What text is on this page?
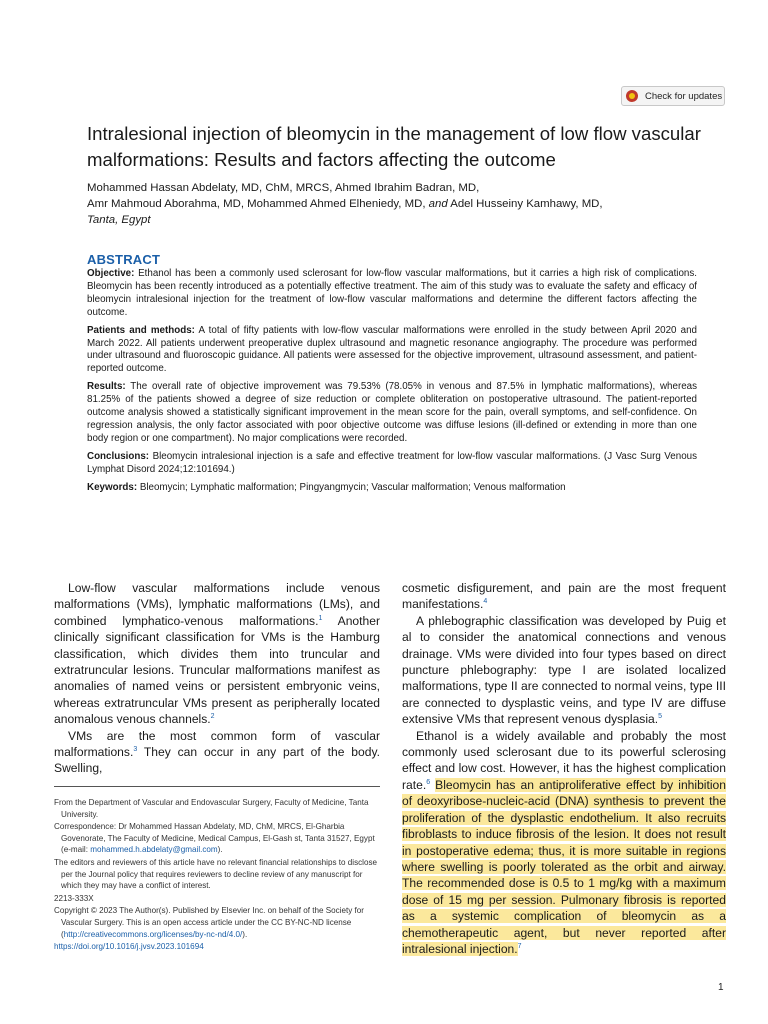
Check for updates
Intralesional injection of bleomycin in the management of low flow vascular malformations: Results and factors affecting the outcome
Mohammed Hassan Abdelaty, MD, ChM, MRCS, Ahmed Ibrahim Badran, MD,
Amr Mahmoud Aborahma, MD, Mohammed Ahmed Elheniedy, MD, and Adel Husseiny Kamhawy, MD,
Tanta, Egypt
ABSTRACT

Objective: Ethanol has been a commonly used sclerosant for low-flow vascular malformations, but it carries a high risk of complications. Bleomycin has been recently introduced as a potentially effective treatment. The aim of this study was to evaluate the safety and efficacy of bleomycin intralesional injection for the treatment of low-flow vascular malformations and determine the different factors affecting the outcome.

Patients and methods: A total of fifty patients with low-flow vascular malformations were enrolled in the study between April 2020 and March 2022. All patients underwent preoperative duplex ultrasound and magnetic resonance angiography. The procedure was performed under ultrasound and fluoroscopic guidance. All patients were assessed for the objective improvement, ultrasound assessment, and patient-reported outcome.

Results: The overall rate of objective improvement was 79.53% (78.05% in venous and 87.5% in lymphatic malformations), whereas 81.25% of the patients showed a degree of size reduction or complete obliteration on postoperative ultrasound. The patient-reported outcome analysis showed a statistically significant improvement in the mean score for the pain, overall symptoms, and self-confidence. On regression analysis, the only factor associated with poor objective outcome was diffuse lesions (ill-defined or extending in more than one body region or one compartment). No major complications were recorded.

Conclusions: Bleomycin intralesional injection is a safe and effective treatment for low-flow vascular malformations. (J Vasc Surg Venous Lymphat Disord 2024;12:101694.)

Keywords: Bleomycin; Lymphatic malformation; Pingyangmycin; Vascular malformation; Venous malformation

Low-flow vascular malformations include venous malformations (VMs), lymphatic malformations (LMs), and combined lymphatico-venous malformations.$^1$ Another clinically significant classification for VMs is the Hamburg classification, which divides them into truncular and extratruncular lesions. Truncular malformations manifest as anomalies of named veins or persistent embryonic veins, whereas extratruncular VMs present as peripherally located anomalous venous channels.$^2$

VMs are the most common form of vascular malformations.$^3$ They can occur in any part of the body. Swelling,

From the Department of Vascular and Endovascular Surgery, Faculty of Medicine, Tanta University.

Correspondence: Dr Mohammed Hassan Abdelaty, MD, ChM, MRCS, El-Gharbia Govenorate, The Faculty of Medicine, Medical Campus, El-Gash st, Tanta 31527, Egypt (e-mail: mohammed.h.abdelaty@gmail.com).

The editors and reviewers of this article have no relevant financial relationships to disclose per the Journal policy that requires reviewers to decline review of any manuscript for which they may have a conflict of interest.

2213-333X

Copyright © 2023 The Author(s). Published by Elsevier Inc. on behalf of the Society for Vascular Surgery. This is an open access article under the CC BY-NC-ND license (http://creativecommons.org/licenses/by-nc-nd/4.0/).

https://doi.org/10.1016/j.jvsv.2023.101694

cosmetic disfigurement, and pain are the most frequent manifestations.$^4$

A phlebographic classification was developed by Puig et al to consider the anatomical connections and venous drainage. VMs were divided into four types based on direct puncture phlebography: type I are isolated localized malformations, type II are connected to normal veins, type III are connected to dysplastic veins, and type IV are diffuse extensive VMs that represent venous dysplasia.$^5$

Ethanol is a widely available and probably the most commonly used sclerosant due to its powerful sclerosing effect and low cost. However, it has the highest complication rate.$^6$ Bleomycin has an antiproliferative effect by inhibition of deoxyribose-nucleic-acid (DNA) synthesis to prevent the proliferation of the dysplastic endothelium. It also recruits fibroblasts to induce fibrosis of the lesion. It does not result in postoperative edema; thus, it is more suitable in regions where swelling is poorly tolerated as the orbit and airway. The recommended dose is 0.5 to 1 mg/kg with a maximum dose of 15 mg per session. Pulmonary fibrosis is reported as a systemic complication of bleomycin as a chemotherapeutic agent, but never reported after intralesional injection.$^7$

1
